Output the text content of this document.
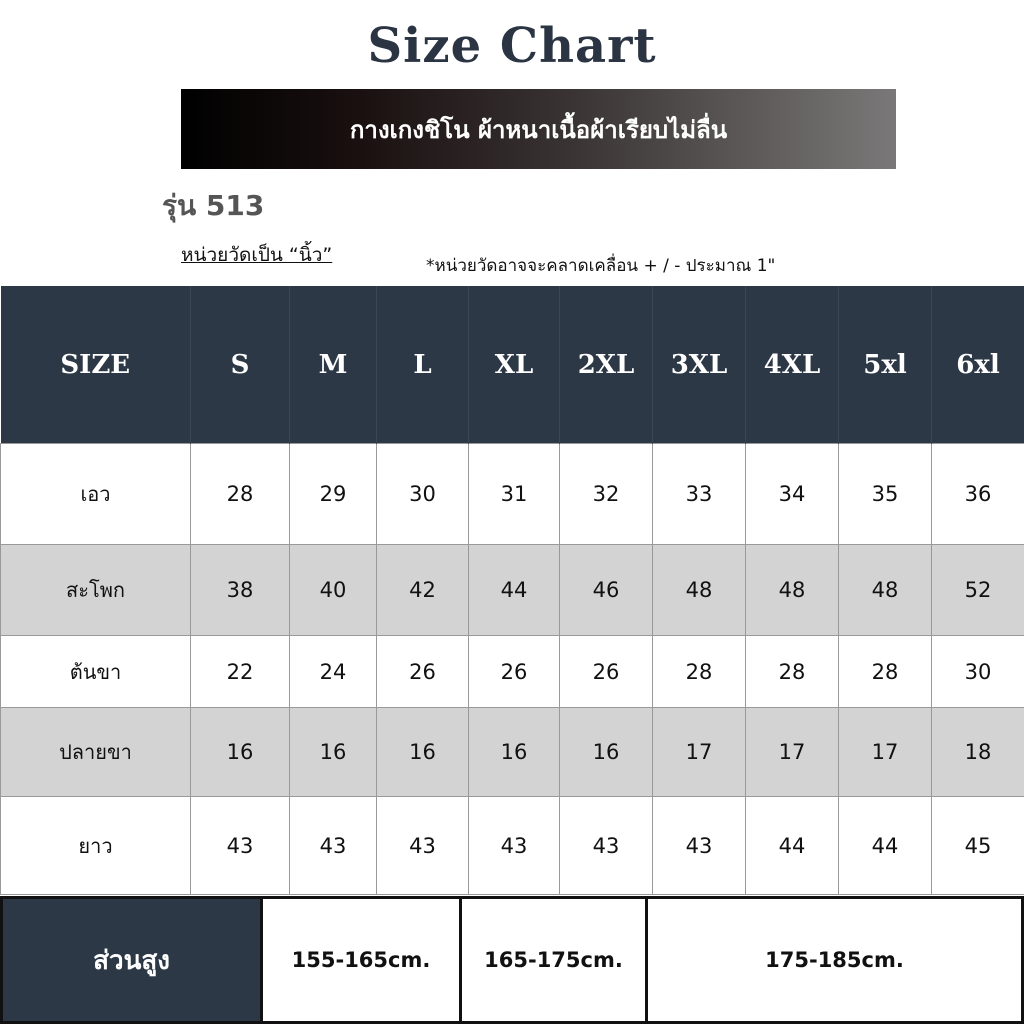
Size Chart
กางเกงชิโน ผ้าหนาเนื้อผ้าเรียบไม่ลื่น
รุ่น 513
หน่วยวัดเป็น “นิ้ว”	*หน่วยวัดอาจจะคลาดเคลื่อน + / - ประมาณ 1"
SIZE	S	M	L	XL	2XL	3XL	4XL	5xl	6xl
เอว	28	29	30	31	32	33	34	35	36
สะโพก	38	40	42	44	46	48	48	48	52
ต้นขา	22	24	26	26	26	28	28	28	30
ปลายขา	16	16	16	16	16	17	17	17	18
ยาว	43	43	43	43	43	43	44	44	45
ส่วนสูง	155-165cm.	165-175cm.	175-185cm.
